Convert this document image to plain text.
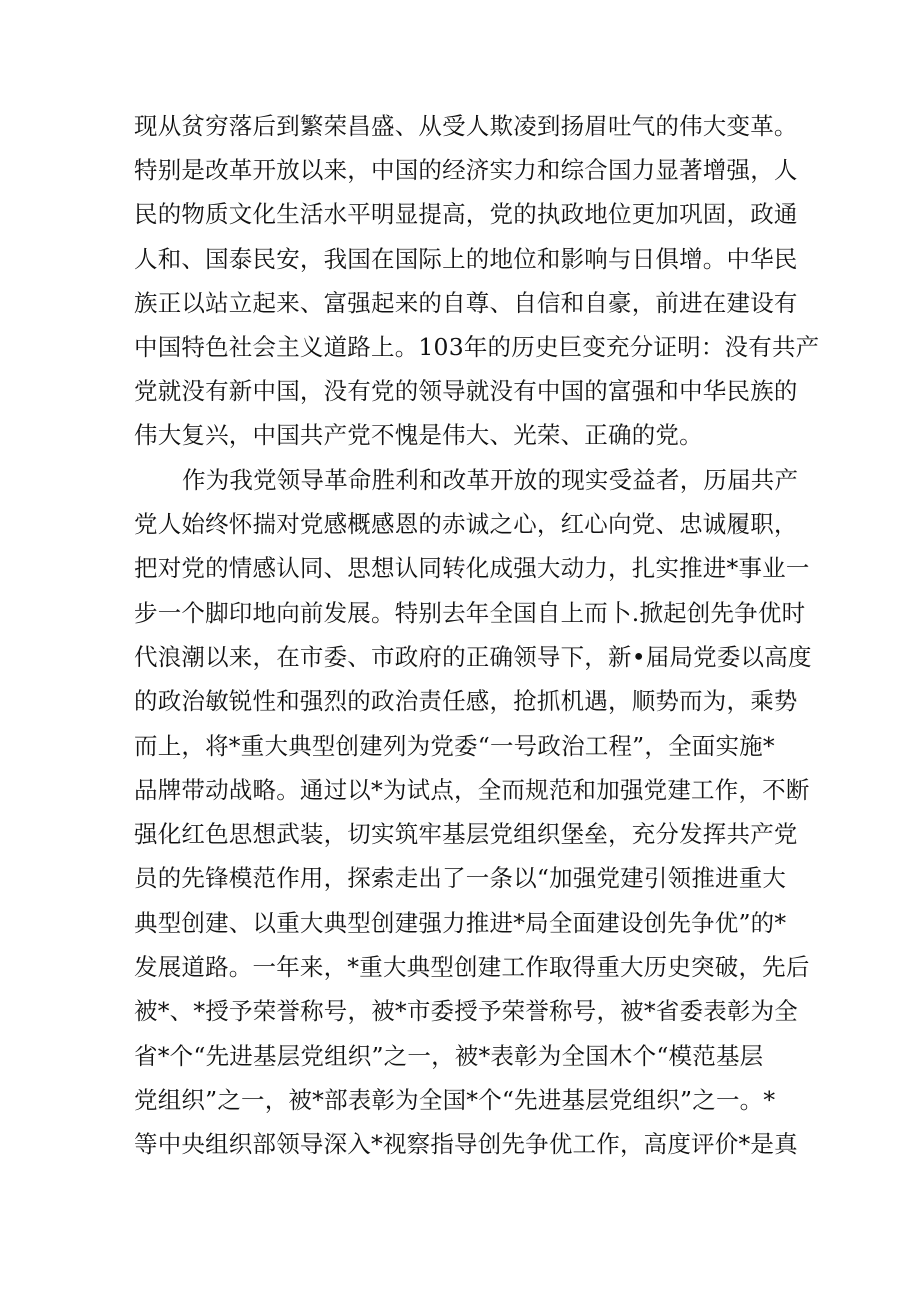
现从贫穷落后到繁荣昌盛、从受人欺凌到扬眉吐气的伟大变革。
特别是改革开放以来，中国的经济实力和综合国力显著增强，人
民的物质文化生活水平明显提高，党的执政地位更加巩固，政通
人和、国泰民安，我国在国际上的地位和影响与日俱增。中华民
族正以站立起来、富强起来的自尊、自信和自豪，前进在建设有
中国特色社会主义道路上。103年的历史巨变充分证明：没有共产
党就没有新中国，没有党的领导就没有中国的富强和中华民族的
伟大复兴，中国共产党不愧是伟大、光荣、正确的党。
作为我党领导革命胜利和改革开放的现实受益者，历届共产
党人始终怀揣对党感概感恩的赤诚之心，红心向党、忠诚履职，
把对党的情感认同、思想认同转化成强大动力，扎实推进*事业一
步一个脚印地向前发展。特别去年全国自上而卜.掀起创先争优时
代浪潮以来，在市委、市政府的正确领导下，新•届局党委以高度
的政治敏锐性和强烈的政治责任感，抢抓机遇，顺势而为，乘势
而上，将*重大典型创建列为党委“一号政治工程”，全面实施*
品牌带动战略。通过以*为试点，全而规范和加强党建工作，不断
强化红色思想武装，切实筑牢基层党组织堡垒，充分发挥共产党
员的先锋模范作用，探索走出了一条以“加强党建引领推进重大
典型创建、以重大典型创建强力推进*局全面建设创先争优”的*
发展道路。一年来，*重大典型创建工作取得重大历史突破，先后
被*、*授予荣誉称号，被*市委授予荣誉称号，被*省委表彰为全
省*个“先进基层党组织”之一，被*表彰为全国木个“模范基层
党组织”之一，被*部表彰为全国*个“先进基层党组织”之一。*
等中央组织部领导深入*视察指导创先争优工作，高度评价*是真
